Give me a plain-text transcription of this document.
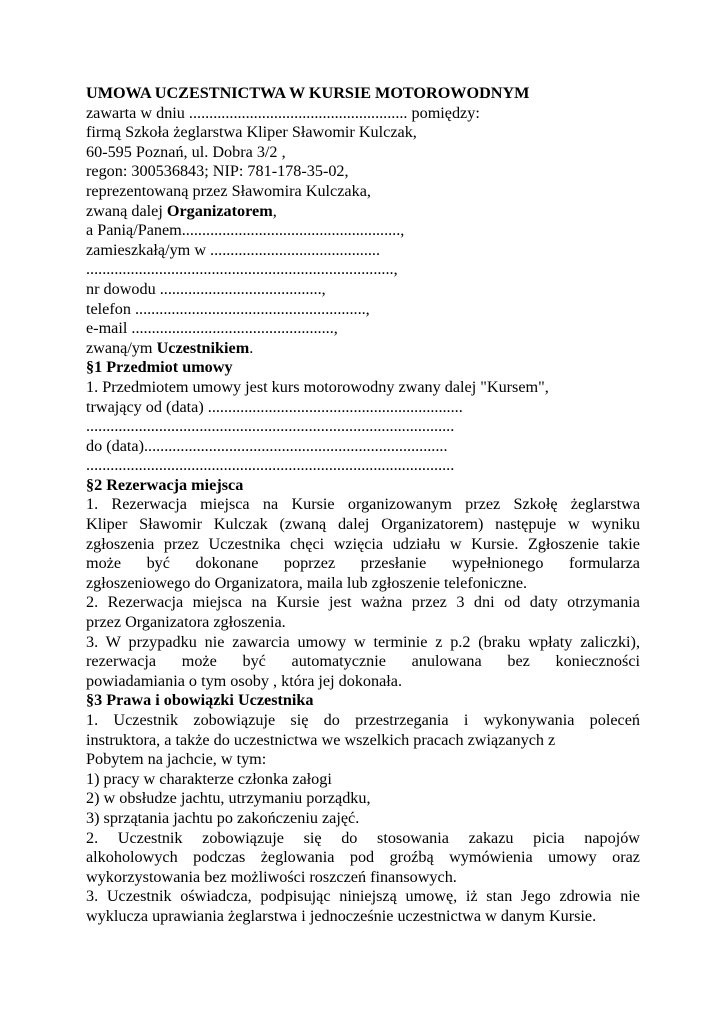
UMOWA UCZESTNICTWA W KURSIE MOTOROWODNYM
zawarta w dniu ...................................................... pomiędzy:
firmą Szkoła żeglarstwa Kliper Sławomir Kulczak,
60-595 Poznań, ul. Dobra 3/2 ,
regon: 300536843; NIP: 781-178-35-02,
reprezentowaną przez Sławomira Kulczaka,
zwaną dalej Organizatorem,
a Panią/Panem......................................................,
zamieszkałą/ym w ..........................................
............................................................................,
nr dowodu ........................................,
telefon .........................................................,
e-mail ..................................................,
zwaną/ym Uczestnikiem.
§1 Przedmiot umowy
1. Przedmiotem umowy jest kurs motorowodny zwany dalej "Kursem",
trwający od (data) ...............................................................
...........................................................................................
do (data)...........................................................................
...........................................................................................
§2 Rezerwacja miejsca
1. Rezerwacja miejsca na Kursie organizowanym przez Szkołę żeglarstwa
Kliper Sławomir Kulczak (zwaną dalej Organizatorem) następuje w wyniku
zgłoszenia przez Uczestnika chęci wzięcia udziału w Kursie. Zgłoszenie takie
może być dokonane poprzez przesłanie wypełnionego formularza
zgłoszeniowego do Organizatora, maila lub zgłoszenie telefoniczne.
2. Rezerwacja miejsca na Kursie jest ważna przez 3 dni od daty otrzymania
przez Organizatora zgłoszenia.
3. W przypadku nie zawarcia umowy w terminie z p.2 (braku wpłaty zaliczki),
rezerwacja może być automatycznie anulowana bez konieczności
powiadamiania o tym osoby , która jej dokonała.
§3 Prawa i obowiązki Uczestnika
1. Uczestnik zobowiązuje się do przestrzegania i wykonywania poleceń
instruktora, a także do uczestnictwa we wszelkich pracach związanych z
Pobytem na jachcie, w tym:
1) pracy w charakterze członka załogi
2) w obsłudze jachtu, utrzymaniu porządku,
3) sprzątania jachtu po zakończeniu zajęć.
2. Uczestnik zobowiązuje się do stosowania zakazu picia napojów
alkoholowych podczas żeglowania pod groźbą wymówienia umowy oraz
wykorzystowania bez możliwości roszczeń finansowych.
3. Uczestnik oświadcza, podpisując niniejszą umowę, iż stan Jego zdrowia nie
wyklucza uprawiania żeglarstwa i jednocześnie uczestnictwa w danym Kursie.
